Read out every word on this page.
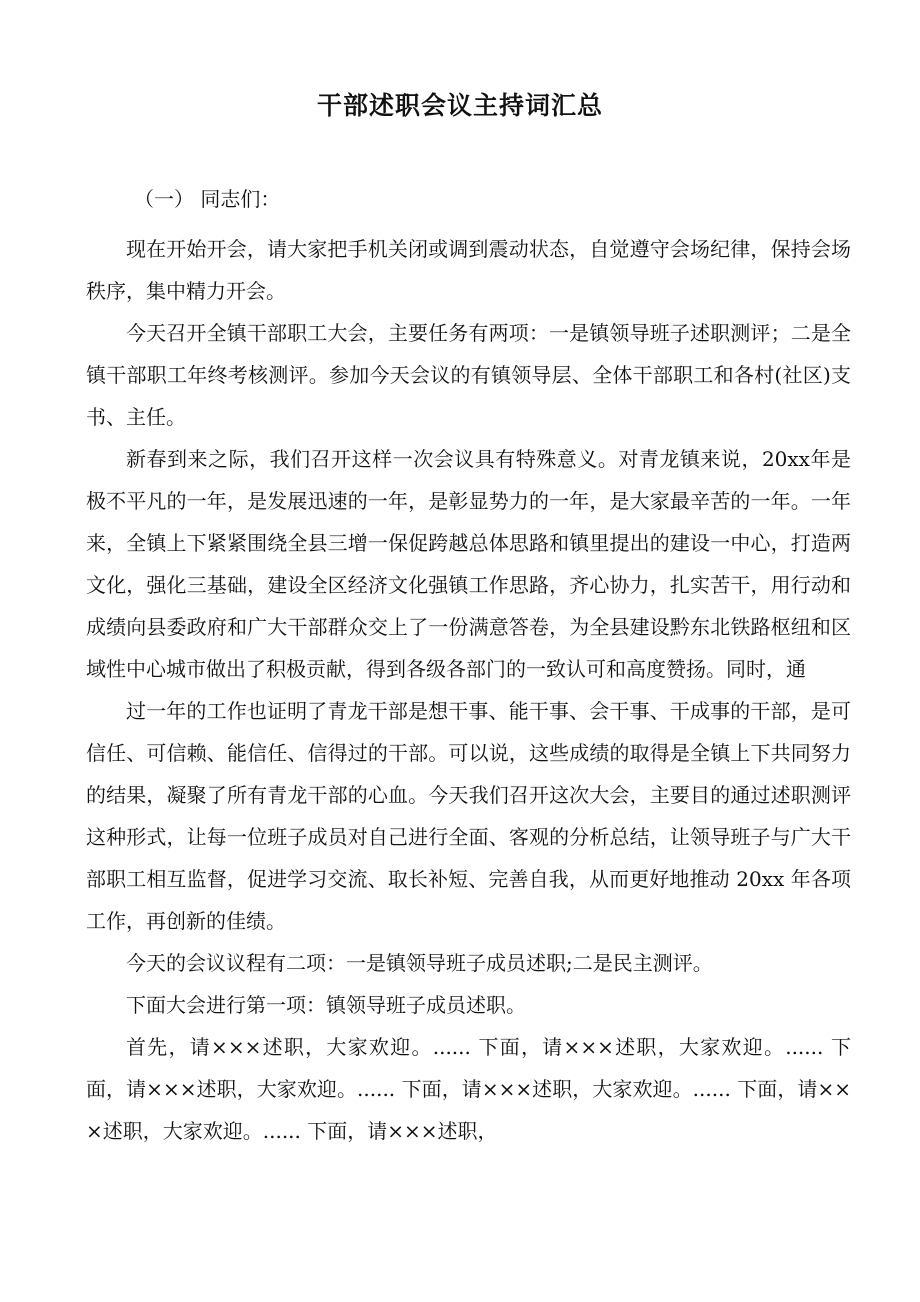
干部述职会议主持词汇总

（一） 同志们：

现在开始开会，请大家把手机关闭或调到震动状态，自觉遵守会场纪律，保持会场秩序，集中精力开会。

今天召开全镇干部职工大会，主要任务有两项：一是镇领导班子述职测评；二是全镇干部职工年终考核测评。参加今天会议的有镇领导层、全体干部职工和各村(社区)支书、主任。

新春到来之际，我们召开这样一次会议具有特殊意义。对青龙镇来说，20xx年是极不平凡的一年，是发展迅速的一年，是彰显势力的一年，是大家最辛苦的一年。一年来，全镇上下紧紧围绕全县三增一保促跨越总体思路和镇里提出的建设一中心，打造两文化，强化三基础，建设全区经济文化强镇工作思路，齐心协力，扎实苦干，用行动和成绩向县委政府和广大干部群众交上了一份满意答卷，为全县建设黔东北铁路枢纽和区域性中心城市做出了积极贡献，得到各级各部门的一致认可和高度赞扬。同时，通

过一年的工作也证明了青龙干部是想干事、能干事、会干事、干成事的干部，是可信任、可信赖、能信任、信得过的干部。可以说，这些成绩的取得是全镇上下共同努力的结果，凝聚了所有青龙干部的心血。今天我们召开这次大会，主要目的通过述职测评这种形式，让每一位班子成员对自己进行全面、客观的分析总结，让领导班子与广大干部职工相互监督，促进学习交流、取长补短、完善自我，从而更好地推动 20xx 年各项工作，再创新的佳绩。

今天的会议议程有二项：一是镇领导班子成员述职;二是民主测评。

下面大会进行第一项：镇领导班子成员述职。

首先，请×××述职，大家欢迎。...... 下面，请×××述职，大家欢迎。...... 下面，请×××述职，大家欢迎。...... 下面，请×××述职，大家欢迎。...... 下面，请×××述职，大家欢迎。...... 下面，请×××述职，
